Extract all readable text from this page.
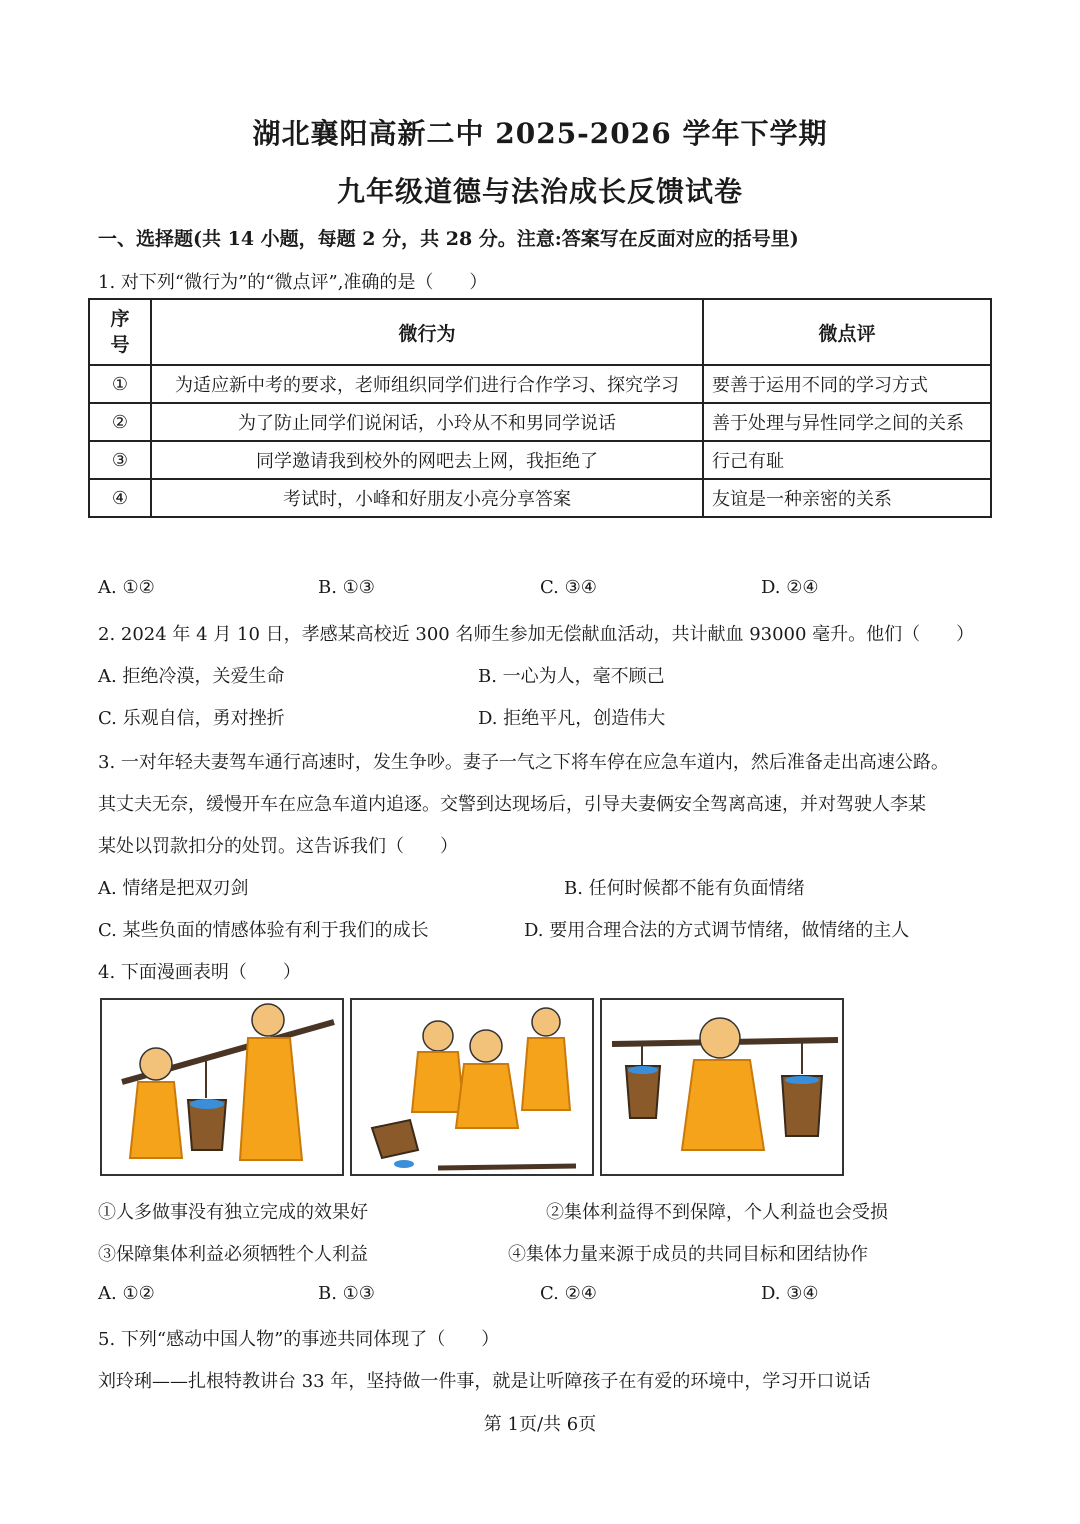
湖北襄阳高新二中 2025-2026 学年下学期
九年级道德与法治成长反馈试卷
一、选择题(共 14 小题，每题 2 分，共 28 分。注意:答案写在反面对应的括号里)
1. 对下列“微行为”的“微点评”,准确的是（　　）
序号	微行为	微点评
①	为适应新中考的要求，老师组织同学们进行合作学习、探究学习	要善于运用不同的学习方式
②	为了防止同学们说闲话，小玲从不和男同学说话	善于处理与异性同学之间的关系
③	同学邀请我到校外的网吧去上网，我拒绝了	行己有耻
④	考试时，小峰和好朋友小亮分享答案	友谊是一种亲密的关系
A. ①②	B. ①③	C. ③④	D. ②④
2. 2024 年 4 月 10 日，孝感某高校近 300 名师生参加无偿献血活动，共计献血 93000 毫升。他们（　　）
A. 拒绝冷漠，关爱生命	B. 一心为人，毫不顾己
C. 乐观自信，勇对挫折	D. 拒绝平凡，创造伟大
3. 一对年轻夫妻驾车通行高速时，发生争吵。妻子一气之下将车停在应急车道内，然后准备走出高速公路。
其丈夫无奈，缓慢开车在应急车道内追逐。交警到达现场后，引导夫妻俩安全驾离高速，并对驾驶人李某
某处以罚款扣分的处罚。这告诉我们（　　）
A. 情绪是把双刃剑	B. 任何时候都不能有负面情绪
C. 某些负面的情感体验有利于我们的成长	D. 要用合理合法的方式调节情绪，做情绪的主人
4. 下面漫画表明（　　）
①人多做事没有独立完成的效果好	②集体利益得不到保障，个人利益也会受损
③保障集体利益必须牺牲个人利益	④集体力量来源于成员的共同目标和团结协作
A. ①②	B. ①③	C. ②④	D. ③④
5. 下列“感动中国人物”的事迹共同体现了（　　）
刘玲琍——扎根特教讲台 33 年，坚持做一件事，就是让听障孩子在有爱的环境中，学习开口说话
第 1页/共 6页
